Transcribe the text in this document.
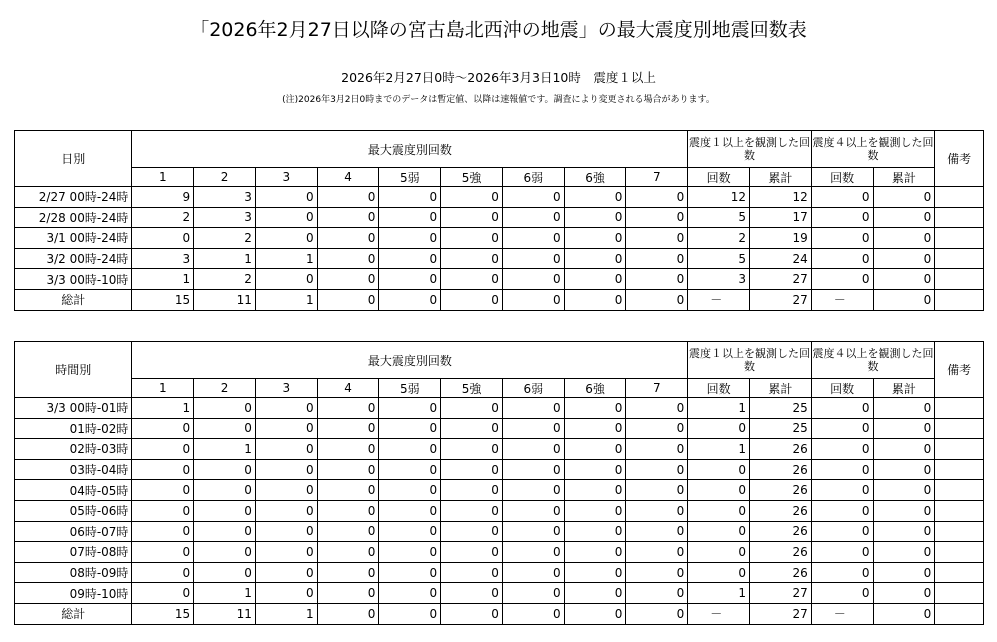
「2026年2月27日以降の宮古島北西沖の地震」の最大震度別地震回数表
2026年2月27日0時～2026年3月3日10時　震度１以上
(注)2026年3月2日0時までのデータは暫定値、以降は速報値です。調査により変更される場合があります。
日別	最大震度別回数									震度１以上を観測した回数		震度４以上を観測した回数		備考
	1	2	3	4	5弱	5強	6弱	6強	7	回数	累計	回数	累計	
2/27 00時-24時	9	3	0	0	0	0	0	0	0	12	12	0	0	
2/28 00時-24時	2	3	0	0	0	0	0	0	0	5	17	0	0	
3/1 00時-24時	0	2	0	0	0	0	0	0	0	2	19	0	0	
3/2 00時-24時	3	1	1	0	0	0	0	0	0	5	24	0	0	
3/3 00時-10時	1	2	0	0	0	0	0	0	0	3	27	0	0	
総計	15	11	1	0	0	0	0	0	0	－	27	－	0	
時間別	最大震度別回数									震度１以上を観測した回数		震度４以上を観測した回数		備考
	1	2	3	4	5弱	5強	6弱	6強	7	回数	累計	回数	累計	
3/3 00時-01時	1	0	0	0	0	0	0	0	0	1	25	0	0	
01時-02時	0	0	0	0	0	0	0	0	0	0	25	0	0	
02時-03時	0	1	0	0	0	0	0	0	0	1	26	0	0	
03時-04時	0	0	0	0	0	0	0	0	0	0	26	0	0	
04時-05時	0	0	0	0	0	0	0	0	0	0	26	0	0	
05時-06時	0	0	0	0	0	0	0	0	0	0	26	0	0	
06時-07時	0	0	0	0	0	0	0	0	0	0	26	0	0	
07時-08時	0	0	0	0	0	0	0	0	0	0	26	0	0	
08時-09時	0	0	0	0	0	0	0	0	0	0	26	0	0	
09時-10時	0	1	0	0	0	0	0	0	0	1	27	0	0	
総計	15	11	1	0	0	0	0	0	0	－	27	－	0	
